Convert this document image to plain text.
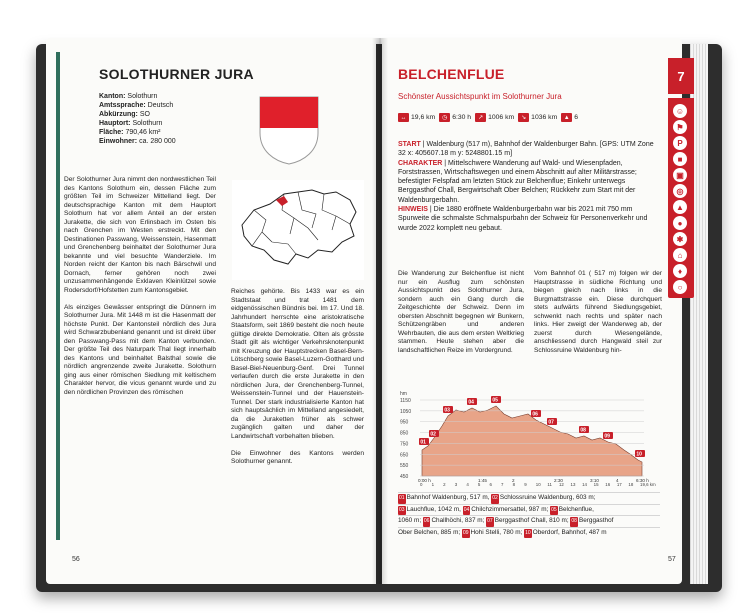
SOLOTHURNER JURA
Kanton: Solothurn
Amtssprache: Deutsch
Abkürzung: SO
Hauptort: Solothurn
Fläche: 790,46 km²
Einwohner: ca. 280 000
Der Solothurner Jura nimmt den nordwestlichen Teil des Kantons Solothurn ein, dessen Fläche zum größten Teil im Schweizer Mittelland liegt. Der deutschsprachige Kanton mit dem Hauptort Solothurn hat vor allem Anteil an der ersten Jurakette, die sich von Erlinsbach im Osten bis nach Grenchen im Westen erstreckt. Mit den Destinationen Passwang, Weissenstein, Hasenmatt und Grenchenberg beinhaltet der Solothurner Jura bekannte und viel besuchte Wanderziele. Im Norden reicht der Kanton bis nach Bärschwil und Dornach, ferner gehören noch zwei unzusammenhängende Exklaven Kleinlützel sowie Rodersdorf/Hofstetten zum Kantonsgebiet.

Als einziges Gewässer entspringt die Dünnern im Solothurner Jura. Mit 1448 m ist die Hasenmatt der höchste Punkt. Der Kantonsteil nördlich des Jura wird Schwarzbubenland genannt und ist direkt über den Passwang-Pass mit dem Kanton verbunden. Der größte Teil des Naturpark Thal liegt innerhalb des Kantons und beinhaltet Balsthal sowie die nördlich angrenzende zweite Jurakette. Solothurn ging aus einer römischen Siedlung mit keltischem Charakter hervor, die vicus genannt wurde und zu den nördlichen Provinzen des römischen
Reiches gehörte. Bis 1433 war es ein Stadtstaat und trat 1481 dem eidgenössischen Bündnis bei. Im 17. Und 18. Jahrhundert herrschte eine aristokratische Staatsform, seit 1869 besteht die noch heute gültige direkte Demokratie. Olten als grösste Stadt gilt als wichtiger Verkehrsknotenpunkt mit Kreuzung der Hauptstrecken Basel-Bern-Lötschberg sowie Basel-Luzern-Gotthard und Basel-Biel-Neuenburg-Genf. Drei Tunnel verlaufen durch die erste Jurakette in den nördlichen Jura, der Grenchenberg-Tunnel, Weissenstein-Tunnel und der Hauenstein-Tunnel. Der stark industrialisierte Kanton hat sich hauptsächlich im Mittelland angesiedelt, da die Juraketten früher als schwer zugänglich galten und daher der Landwirtschaft vorbehalten blieben.

Die Einwohner des Kantons werden Solothurner genannt.
56
7
☺
⚑
P
■
▣
◎
▲
●
✱
⌂
♦
○
BELCHENFLUE
Schönster Aussichtspunkt im Solothurner Jura
↔ 19,6 km	◷ 6:30 h	↗ 1006 km	↘ 1036 km	▲ 6
START | Waldenburg (517 m), Bahnhof der Waldenburger Bahn. [GPS: UTM Zone 32 x: 405607.18 m y: 5248801.15 m]
CHARAKTER | Mittelschwere Wanderung auf Wald- und Wiesenpfaden, Forststrassen, Wirtschaftswegen und einem Abschnitt auf alter Militärstrasse; befestigter Felspfad am letzten Stück zur Belchenflue; Einkehr unterwegs Berggasthof Chall, Bergwirtschaft Ober Belchen; Rückkehr zum Start mit der Waldenburgerbahn.
HINWEIS | Die 1880 eröffnete Waldenburgerbahn war bis 2021 mit 750 mm Spurweite die schmalste Schmalspurbahn der Schweiz für Personenverkehr und wurde 2022 komplett neu gebaut.
Die Wanderung zur Belchenflue ist nicht nur ein Ausflug zum schönsten Aussichtspunkt des Solothurner Jura, sondern auch ein Gang durch die Zeitgeschichte der Schweiz. Denn im obersten Abschnitt begegnen wir Bunkern, Schützengräben und anderen Wehrbauten, die aus dem ersten Weltkrieg stammen. Heute stehen aber die landschaftlichen Reize im Vordergrund.
Vom Bahnhof 01 ( 517 m) folgen wir der Hauptstrasse in südliche Richtung und biegen gleich nach links in die Burgmattstrasse ein. Diese durchquert stets aufwärts führend Siedlungsgebiet, schwenkt nach rechts und später nach links. Hier zweigt der Wanderweg ab, der zuerst durch Wiesengelände, anschliessend durch Hangwald steil zur Schlossruine Waldenburg hin-
hm
1150
1050
950
850
750
650
550
450
0 1 2 3 4 5 6 7 8 9 10 11 12 13 14 15 16 17 18 19,6 km
0:00 h	1:45	2	2:30	3:10	4	6:30 h
01
02
03
04	05
06
07
08
09
10
01 Bahnhof Waldenburg, 517 m, 02 Schlossruine Waldenburg, 603 m;
03 Lauchflue, 1042 m, 04 Chilchzimmersattel, 987 m; 05 Belchenflue,
1060 m; 06 Challhöchi, 837 m; 07 Berggasthof Chall, 810 m; 08 Berggasthof
Ober Belchen, 885 m; 09 Hohi Stelli, 780 m; 10 Oberdorf, Bahnhof, 487 m
57
